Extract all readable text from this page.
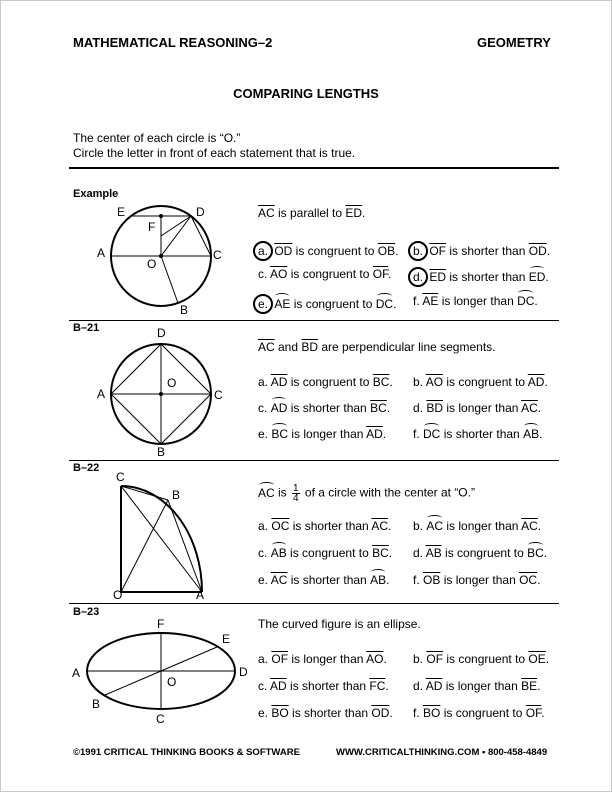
MATHEMATICAL REASONING–2	GEOMETRY
COMPARING LENGTHS
The center of each circle is “O.”
Circle the letter in front of each statement that is true.
Example
E	D
F
A
O
C
B
$\overline{AC}$ is parallel to $\overline{ED}$.
a. $\overline{OD}$ is congruent to $\overline{OB}$. b. $\overline{OF}$ is shorter than $\overline{OD}$.
c. $\overline{AO}$ is congruent to $\overline{OF}$. d. $\overline{ED}$ is shorter than ED.
e. AE is congruent to DC. f. $\overline{AE}$ is longer than DC.
B–21	D
A
O
C
B
$\overline{AC}$ and $\overline{BD}$ are perpendicular line segments.
a. $\overline{AD}$ is congruent to $\overline{BC}$. b. $\overline{AO}$ is congruent to $\overline{AD}$.
c. AD is shorter than $\overline{BC}$. d. $\overline{BD}$ is longer than $\overline{AC}$.
e. BC is longer than $\overline{AD}$. f. DC is shorter than AB.
B–22
C
B
O	A
AC is $\frac{1}{4}$ of a circle with the center at “O.”
a. $\overline{OC}$ is shorter than $\overline{AC}$. b. AC is longer than $\overline{AC}$.
c. AB is congruent to $\overline{BC}$. d. $\overline{AB}$ is congruent to BC.
e. $\overline{AC}$ is shorter than AB. f. $\overline{OB}$ is longer than $\overline{OC}$.
B–23
F
E
A	D
O
B
C
The curved figure is an ellipse.
a. $\overline{OF}$ is longer than $\overline{AO}$. b. $\overline{OF}$ is congruent to $\overline{OE}$.
c. $\overline{AD}$ is shorter than $\overline{FC}$. d. $\overline{AD}$ is longer than $\overline{BE}$.
e. $\overline{BO}$ is shorter than $\overline{OD}$. f. $\overline{BO}$ is congruent to $\overline{OF}$.
©1991 CRITICAL THINKING BOOKS & SOFTWARE	WWW.CRITICALTHINKING.COM • 800-458-4849
